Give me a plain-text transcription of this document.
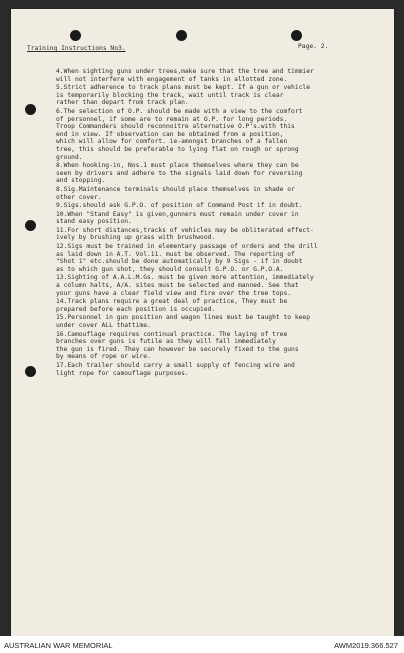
Training Instructions No3.	Page. 2.

4.When sighting guns under trees,make sure that the tree and timmier
will not interfere with engagement of tanks in allotted zone.

5.Strict adherence to track plans must be kept. If a gun or vehicle
is temporarily blocking the track, wait until track is clear
rather than depart from track plan.

6.The selection of O.P. should be made with a view to the comfort
of personnel, if some are to remain at O.P. for long periods.
Troop Commanders should reconnoitre alternative O.P's.with this
end in view. If observation can be obtained from a position,
which will allow for comfort. ie-amongst branches of a fallen
tree, this should be preferable to lying flat on rough or sprong
ground.

8.When hooking-in, Nos.1 must place themselves where they can be
seen by drivers and adhere to the signals laid down for reversing
and stopping.

8.Sig.Maintenance terminals should place themselves in shade or
other cover.

9.Sigs.should ask G.P.O. of position of Command Post if in doubt.

10.When "Stand Easy" is given,gunners must remain under cover in
stand easy position.

11.For short distances,tracks of vehicles may be obliterated effect-
ively by brushing up grass with brushwood.

12.Sigs must be trained in elementary passage of orders and the drill
as laid down in A.T. Vol.11. must be observed. The reporting of
"Shot 1" etc.should be done automatically by 9 Sigs - if in doubt
as to which gun shot, they should consult G.P.O. or G.P.O.A.

13.Sighting of A.A.L.M.Gs. must be given more attention, immediately
a column halts, A/A. sites must be selected and manned. See that
your guns have a clear field view and fire over the tree tops.

14.Track plans require a great deal of practice, They must be
prepared before each position is occupied.

15.Personnel in gun position and wagon lines must be taught to keep
under cover ALL thattime.

16.Camouflage requires continual practice. The laying of tree
branches over guns is futile as they will fall immediately
the gun is fired. They can however be securely fixed to the guns
by means of rope or wire.

17.Each trailer should carry a small supply of fencing wire and
light rope for camouflage purposes.

AUSTRALIAN WAR MEMORIAL	AWM2019.366.527
